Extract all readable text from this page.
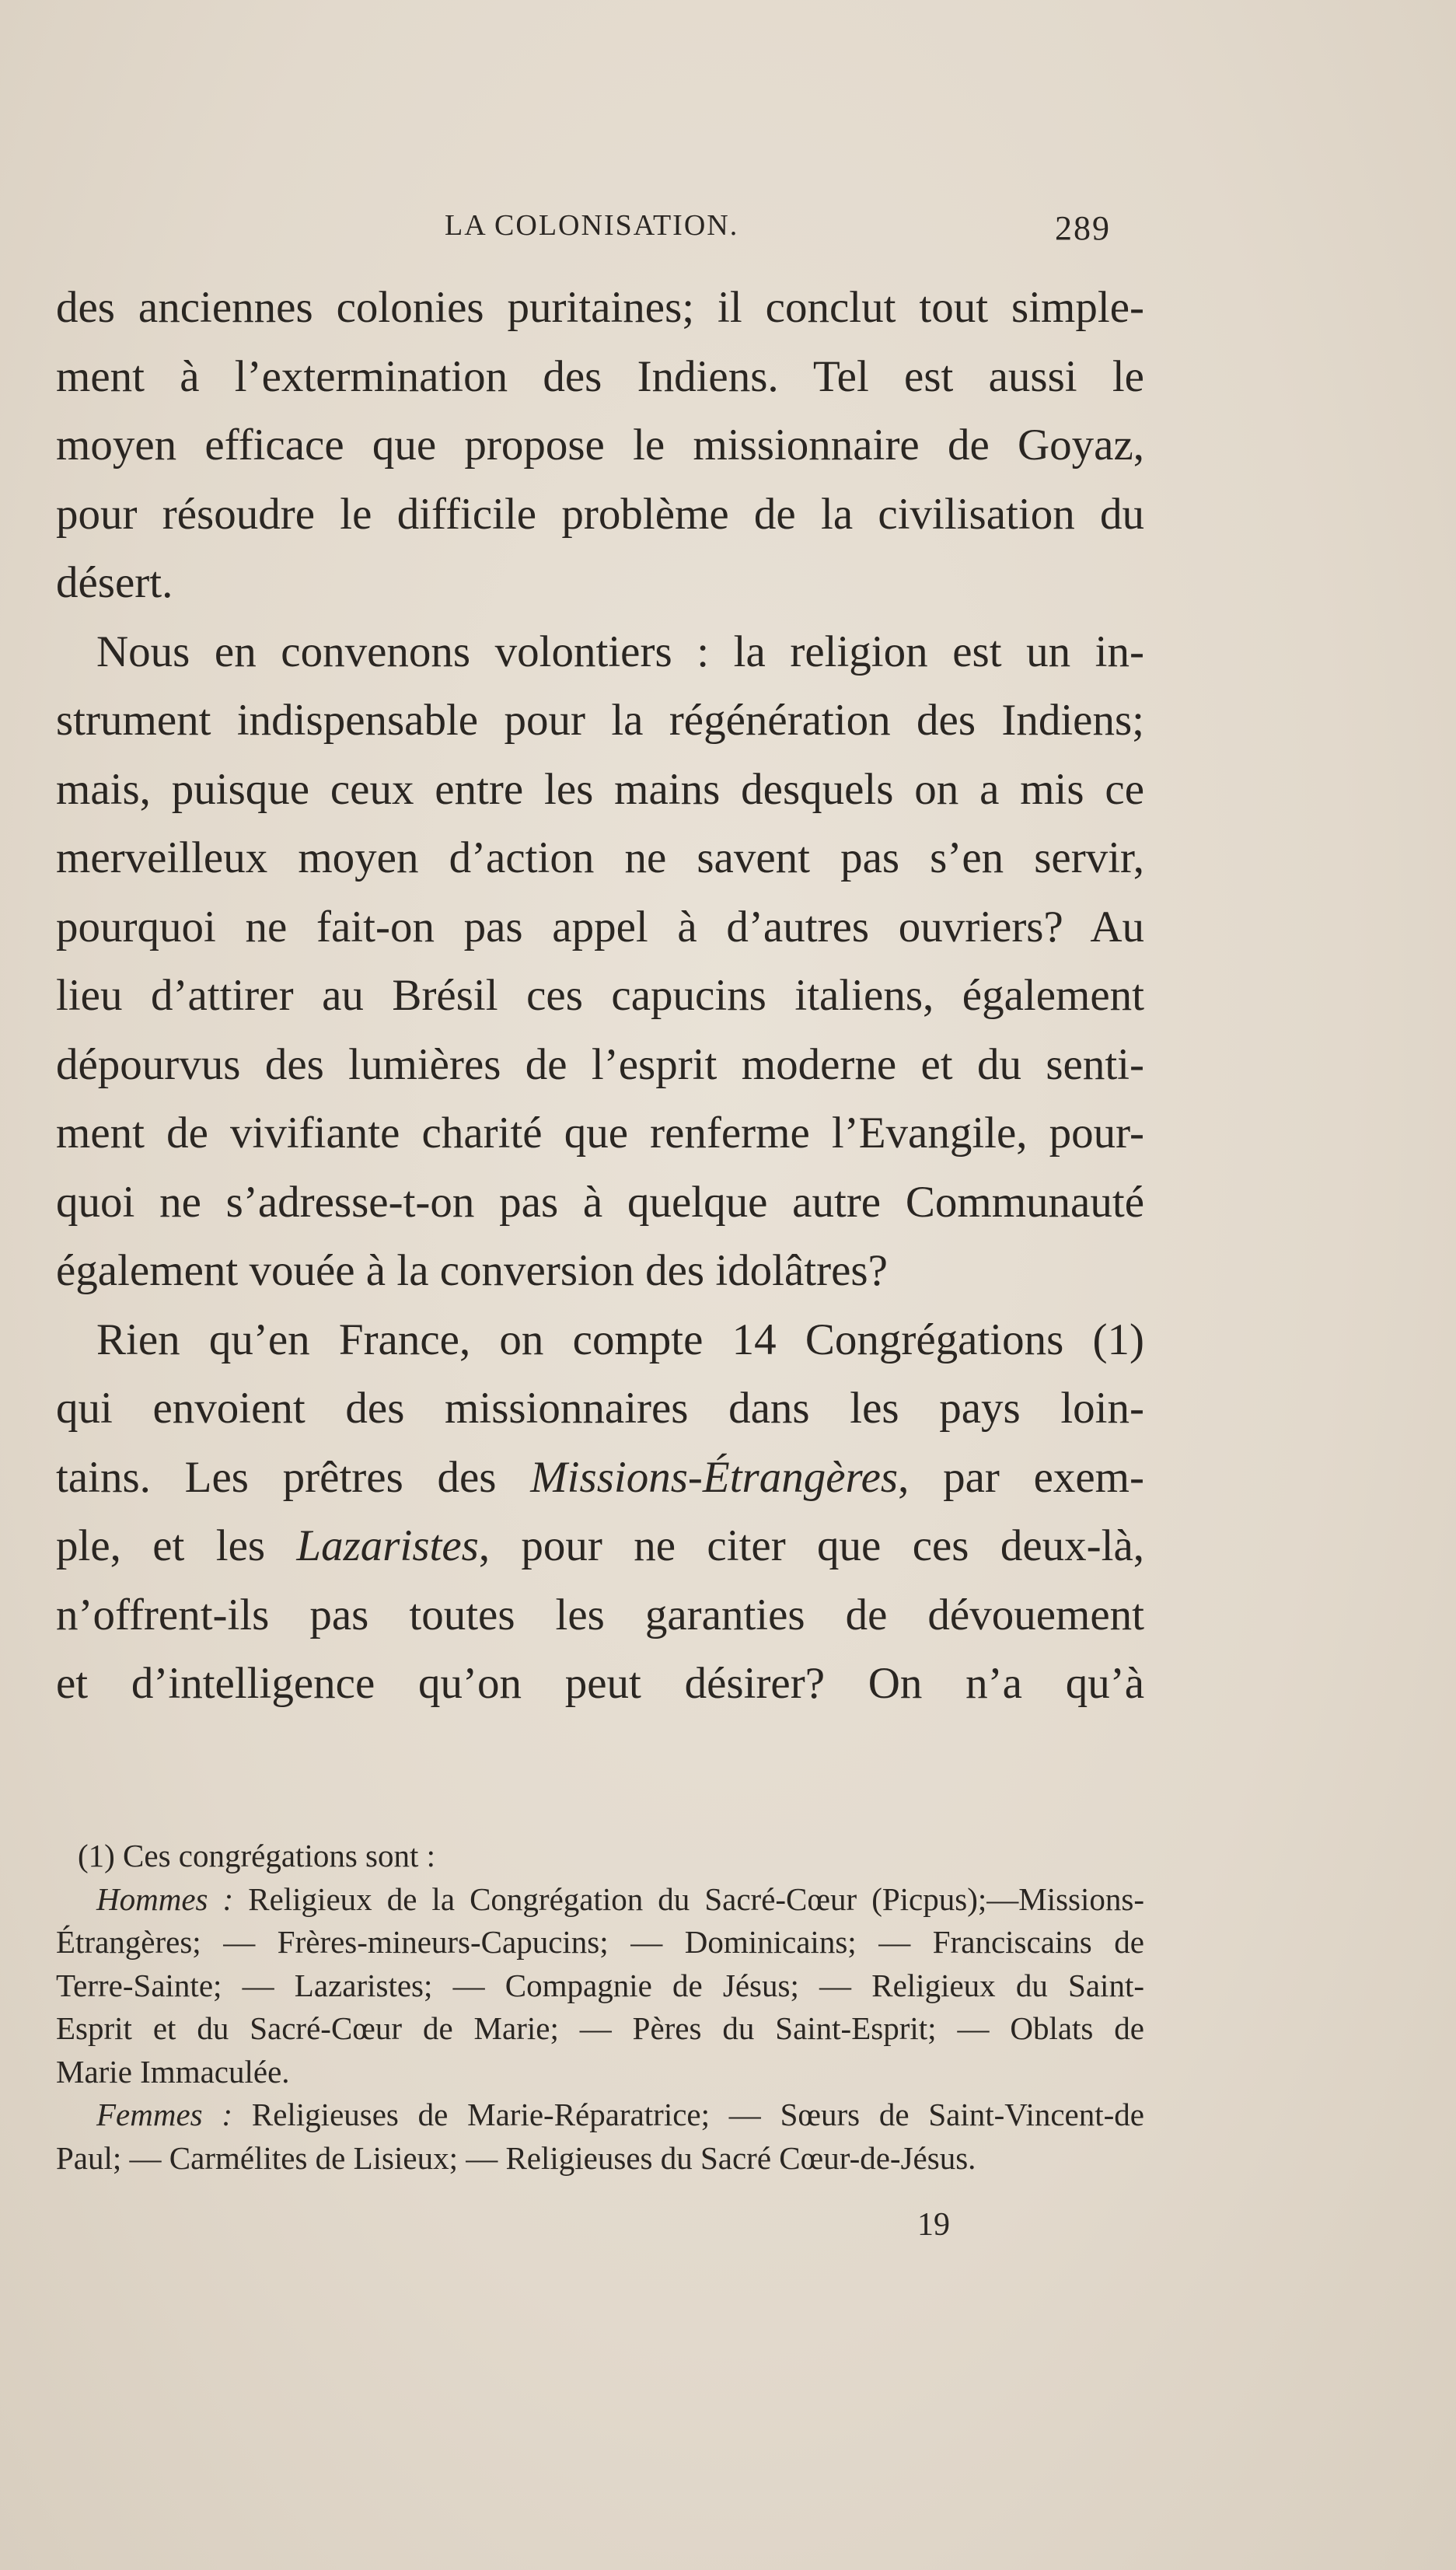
LA COLONISATION.	289
des anciennes colonies puritaines; il conclut tout simple-
ment à l’extermination des Indiens. Tel est aussi le
moyen efficace que propose le missionnaire de Goyaz,
pour résoudre le difficile problème de la civilisation du
désert.
Nous en convenons volontiers : la religion est un in-
strument indispensable pour la régénération des Indiens;
mais, puisque ceux entre les mains desquels on a mis ce
merveilleux moyen d’action ne savent pas s’en servir,
pourquoi ne fait-on pas appel à d’autres ouvriers? Au
lieu d’attirer au Brésil ces capucins italiens, également
dépourvus des lumières de l’esprit moderne et du senti-
ment de vivifiante charité que renferme l’Evangile, pour-
quoi ne s’adresse-t-on pas à quelque autre Communauté
également vouée à la conversion des idolâtres?
Rien qu’en France, on compte 14 Congrégations (1)
qui envoient des missionnaires dans les pays loin-
tains. Les prêtres des Missions-Étrangères, par exem-
ple, et les Lazaristes, pour ne citer que ces deux-là,
n’offrent-ils pas toutes les garanties de dévouement
et d’intelligence qu’on peut désirer? On n’a qu’à
(1) Ces congrégations sont :
Hommes : Religieux de la Congrégation du Sacré-Cœur (Picpus);—Missions-
Étrangères; — Frères-mineurs-Capucins; — Dominicains; — Franciscains de
Terre-Sainte; — Lazaristes; — Compagnie de Jésus; — Religieux du Saint-
Esprit et du Sacré-Cœur de Marie; — Pères du Saint-Esprit; — Oblats de
Marie Immaculée.
Femmes : Religieuses de Marie-Réparatrice; — Sœurs de Saint-Vincent-de
Paul; — Carmélites de Lisieux; — Religieuses du Sacré Cœur-de-Jésus.
19
